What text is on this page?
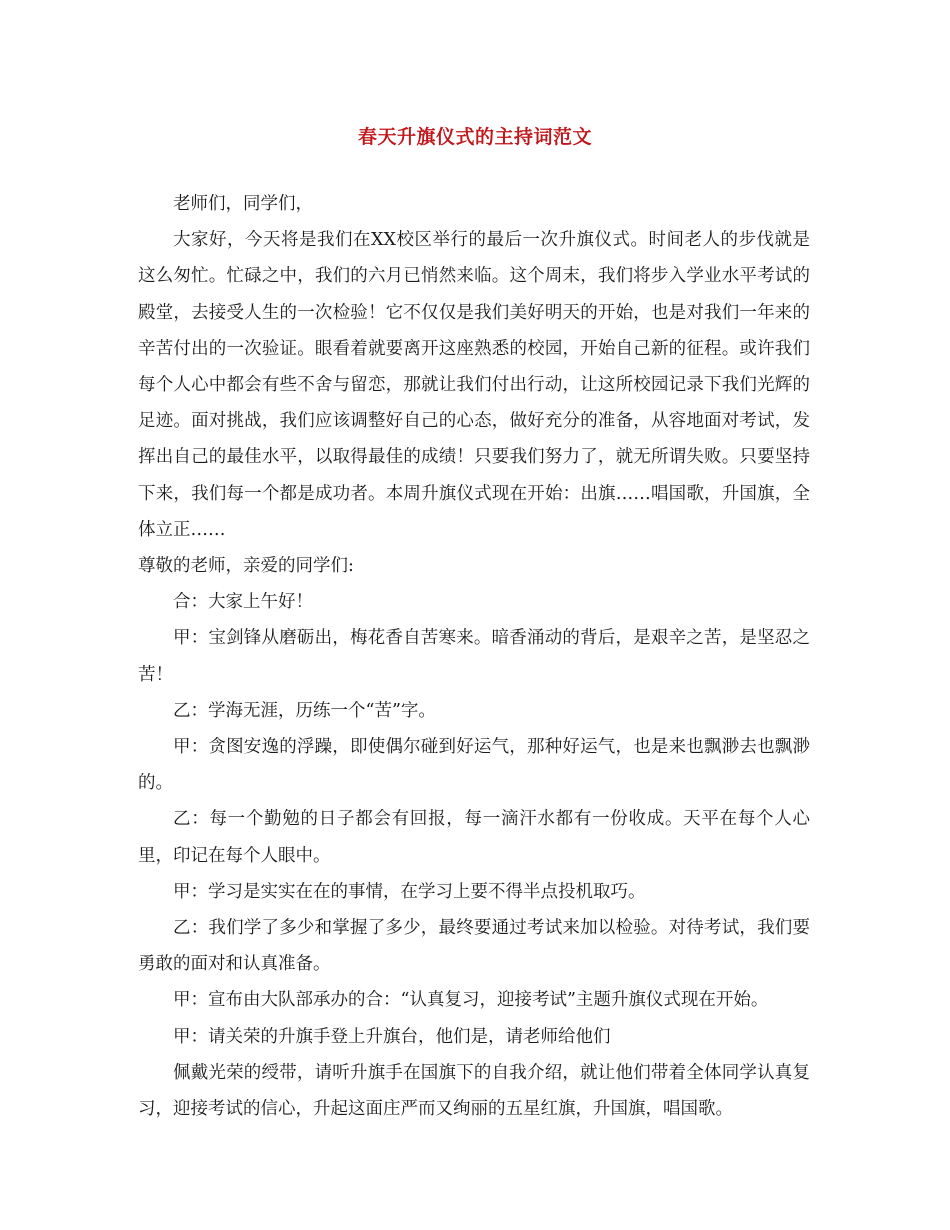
春天升旗仪式的主持词范文

老师们，同学们，

大家好，今天将是我们在XX校区举行的最后一次升旗仪式。时间老人的步伐就是这么匆忙。忙碌之中，我们的六月已悄然来临。这个周末，我们将步入学业水平考试的殿堂，去接受人生的一次检验！它不仅仅是我们美好明天的开始，也是对我们一年来的辛苦付出的一次验证。眼看着就要离开这座熟悉的校园，开始自己新的征程。或许我们每个人心中都会有些不舍与留恋，那就让我们付出行动，让这所校园记录下我们光辉的足迹。面对挑战，我们应该调整好自己的心态，做好充分的准备，从容地面对考试，发挥出自己的最佳水平，以取得最佳的成绩！只要我们努力了，就无所谓失败。只要坚持下来，我们每一个都是成功者。本周升旗仪式现在开始：出旗……唱国歌，升国旗，全体立正……

尊敬的老师，亲爱的同学们:

合：大家上午好！

甲：宝剑锋从磨砺出，梅花香自苦寒来。暗香涌动的背后，是艰辛之苦，是坚忍之苦！

乙：学海无涯，历练一个“苦”字。

甲：贪图安逸的浮躁，即使偶尔碰到好运气，那种好运气，也是来也飘渺去也飘渺的。

乙：每一个勤勉的日子都会有回报，每一滴汗水都有一份收成。天平在每个人心里，印记在每个人眼中。

甲：学习是实实在在的事情，在学习上要不得半点投机取巧。

乙：我们学了多少和掌握了多少，最终要通过考试来加以检验。对待考试，我们要勇敢的面对和认真准备。

甲：宣布由大队部承办的合：“认真复习，迎接考试”主题升旗仪式现在开始。

甲：请关荣的升旗手登上升旗台，他们是，请老师给他们

佩戴光荣的绶带，请听升旗手在国旗下的自我介绍，就让他们带着全体同学认真复习，迎接考试的信心，升起这面庄严而又绚丽的五星红旗，升国旗，唱国歌。
